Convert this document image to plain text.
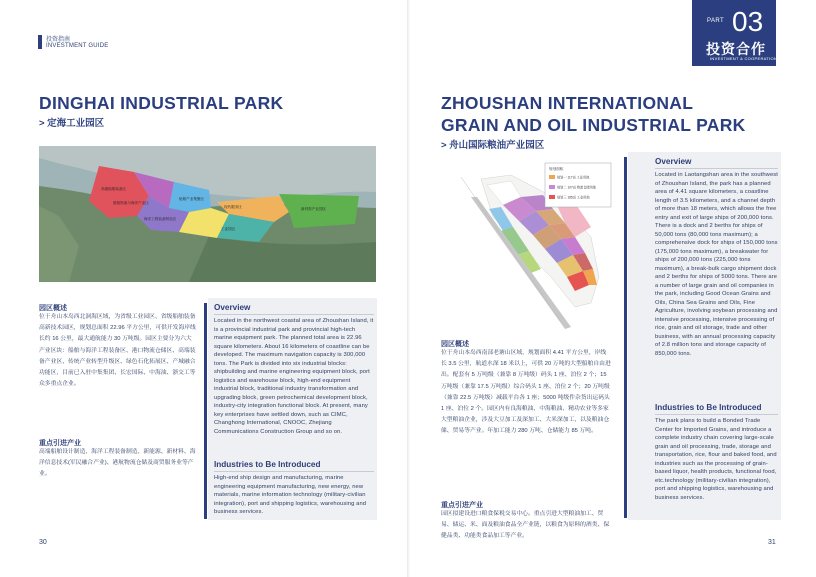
投资指南
INVESTMENT GUIDE
PART 03
投资合作
INVESTMENT & COOPERATION
DINGHAI INDUSTRIAL PARK
> 定海工业园区
港航物流与海洋产业区
海洋工程装备制造区
高端船舶装备区
船舶产业集聚区
现代服务区	新材料产业园区
工业园区
园区概述
位于舟山本岛西北洞海区域，为省级工业园区、省级船舶装备高新技术园区，规划总面积 22.96 平方公里，可供开发海岸线长约 16 公里，最大通航能力 30 万吨级。园区主要分为六大产业区块：船舶与海洋工程装备区、港口物流仓储区、高端装备产业区、传统产业转型升级区、绿色石化拓展区、产城融合功能区，目前已入驻中集集团、长宏国际、中海油、浙交工等众多重点企业。
重点引进产业
高端船舶设计制造、海洋工程装备制造、新能源、新材料、海洋信息技术(军民融合产业)、港航物流仓储及商贸服务业等产业。
Overview
Located in the northwest coastal area of Zhoushan Island, it is a provincial industrial park and provincial high-tech marine equipment park. The planned total area is 22.96 square kilometers. About 16 kilometers of coastline can be developed. The maximum navigation capacity is 300,000 tons. The Park is divided into six industrial blocks: shipbuilding and marine engineering equipment block, port logistics and warehouse block, high-end equipment industrial block, traditional industry transformation and upgrading block, green petrochemical development block, industry-city integration functional block. At present, many key enterprises have settled down, such as CIMC, Changhong International, CNOOC, Zhejiang Communications Construction Group and so on.
Industries to Be Introduced
High-end ship design and manufacturing, marine engineering equipment manufacturing, new energy, new materials, marine information technology (military-civilian integration), port and shipping logistics, warehousing and business services.
30
ZHOUSHAN INTERNATIONAL
GRAIN AND OIL INDUSTRIAL PARK
> 舟山国际粮油产业园区
规划面积
规划一 117亩 工业用地
规划二 107亩 物流仓储用地
规划三 185亩 工业用地
园区概述
位于舟山本岛西南部老塘山区域，规划面积 4.41 平方公里，岸线长 3.5 公里，航道水深 18 米以上，可供 20 万吨的大型船舶自由进出。配套有 5 万吨级（兼靠 8 万吨级）码头 1 座、泊位 2 个；15 万吨级（兼靠 17.5 万吨级）综合码头 1 座、泊位 2 个；20 万吨级（兼靠 22.5 万吨级）减载平台各 1 座；5000 吨级件杂货出运码头 1 座、泊位 2 个。园区内有良海粮油、中海粮油、精功农业等多家大型粮油企业，涉及大豆加工及深加工、大米深加工，以及粮油仓储、贸易等产业。年加工能力 280 万吨、仓储能力 85 万吨。
重点引进产业
园区拟建设进口粮食保税交易中心。重点引进大型粮油加工、贸易、储运、米、面及粮油食品全产业链，以粮食为原料的酒类、保健品类、功能类食品加工等产业。
Overview
Located in Laotangshan area in the southwest of Zhoushan Island, the park has a planned area of 4.41 square kilometers, a coastline length of 3.5 kilometers, and a channel depth of more than 18 meters, which allows the free entry and exit of large ships of 200,000 tons. There is a dock and 2 berths for ships of 50,000 tons (80,000 tons maximum); a comprehensive dock for ships of 150,000 tons (175,000 tons maximum), a breakwater for ships of 200,000 tons (225,000 tons maximum), a break-bulk cargo shipment dock and 2 berths for ships of 5000 tons. There are a number of large grain and oil companies in the park, including Good Ocean Grains and Oils, China Sea Grains and Oils, Fine Agriculture, involving soybean processing and intensive processing, intensive processing of rice, grain and oil storage, trade and other business, with an annual processing capacity of 2.8 million tons and storage capacity of 850,000 tons.
Industries to Be Introduced
The park plans to build a Bonded Trade Center for Imported Grains, and introduce a complete industry chain covering large-scale grain and oil processing, trade, storage and transportation, rice, flour and baked food, and industries such as the processing of grain-based liquor, health products, functional food, etc.technology (military-civilian integration), port and shipping logistics, warehousing and business services.
31
